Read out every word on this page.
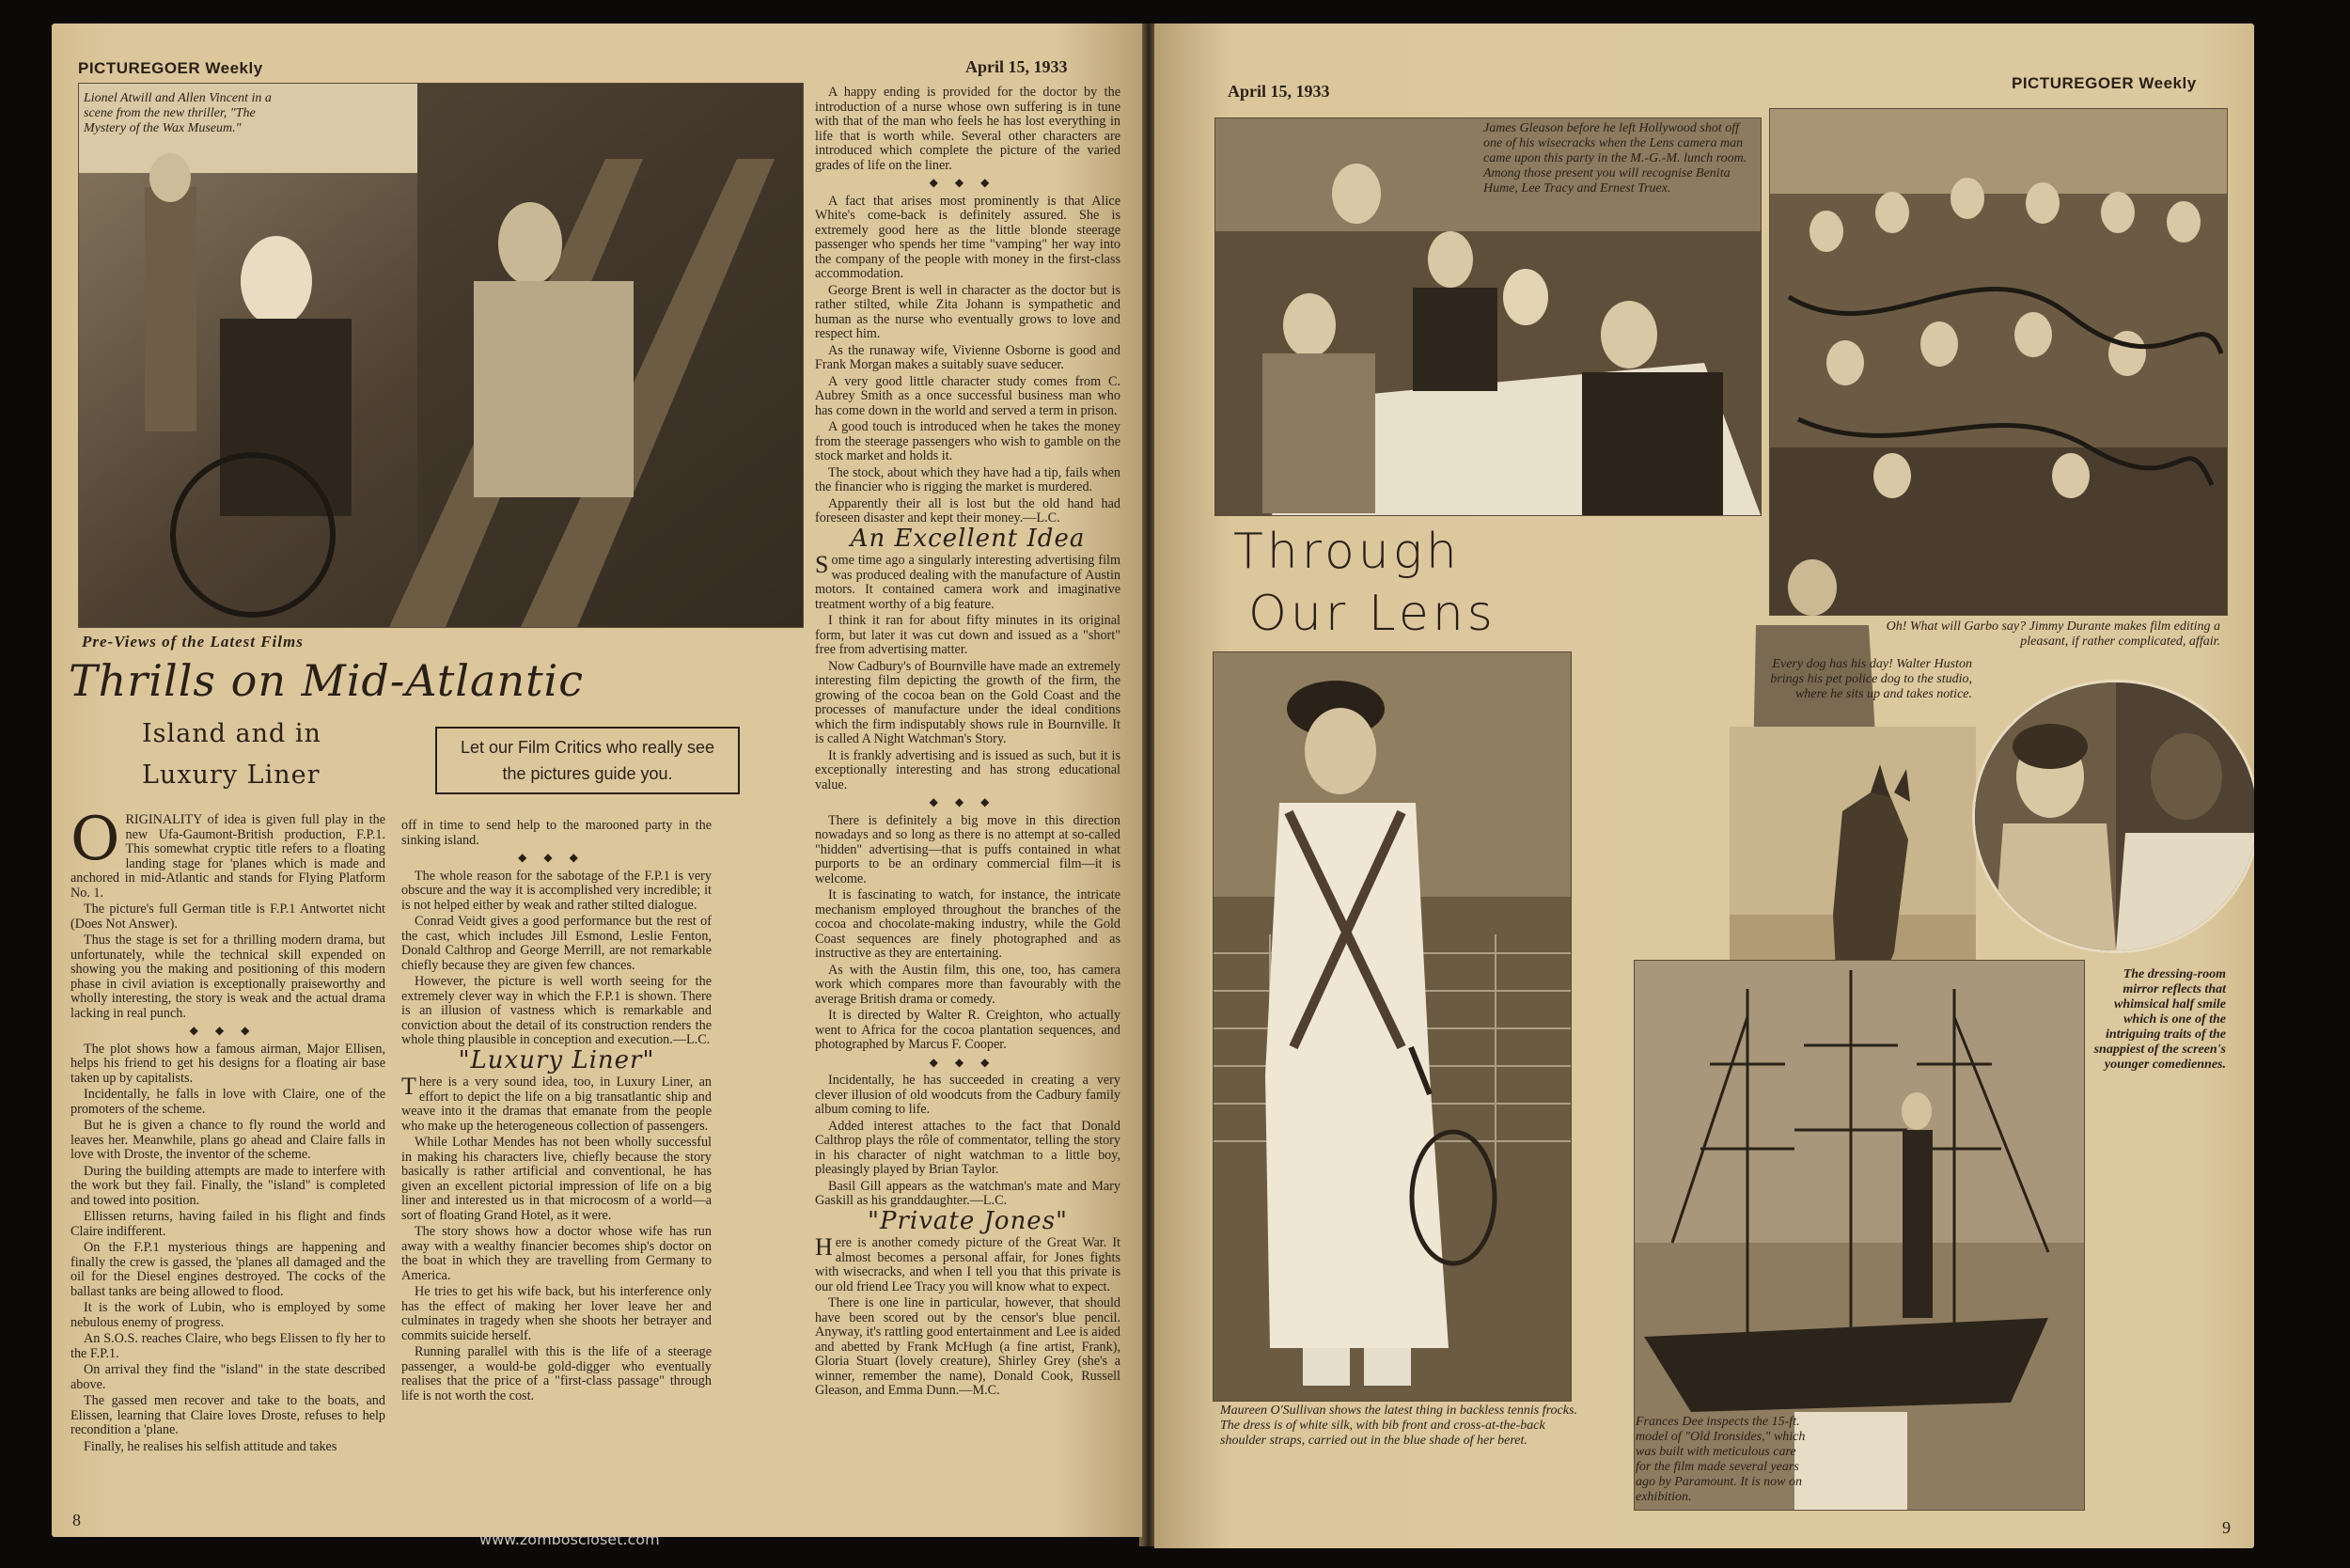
PICTUREGOER Weekly	April 15, 1933
Lionel Atwill and Allen Vincent in a scene from the new thriller, "The Mystery of the Wax Museum."
Pre-Views of the Latest Films
Thrills on Mid-Atlantic
Island and in
Luxury Liner
Let our Film Critics who really see the pictures guide you.
O RIGINALITY of idea is given full play in the new Ufa-Gaumont-British production, F.P.1. This somewhat cryptic title refers to a floating landing stage for 'planes which is made and anchored in mid-Atlantic and stands for Flying Platform No. 1.

The picture's full German title is F.P.1 Antwortet nicht (Does Not Answer).

Thus the stage is set for a thrilling modern drama, but unfortunately, while the technical skill expended on showing you the making and positioning of this modern phase in civil aviation is exceptionally praiseworthy and wholly interesting, the story is weak and the actual drama lacking in real punch.

◆◆◆

The plot shows how a famous airman, Major Ellisen, helps his friend to get his designs for a floating air base taken up by capitalists.

Incidentally, he falls in love with Claire, one of the promoters of the scheme.

But he is given a chance to fly round the world and leaves her. Meanwhile, plans go ahead and Claire falls in love with Droste, the inventor of the scheme.

During the building attempts are made to interfere with the work but they fail. Finally, the "island" is completed and towed into position.

Ellissen returns, having failed in his flight and finds Claire indifferent.

On the F.P.1 mysterious things are happening and finally the crew is gassed, the 'planes all damaged and the oil for the Diesel engines destroyed. The cocks of the ballast tanks are being allowed to flood.

It is the work of Lubin, who is employed by some nebulous enemy of progress.

An S.O.S. reaches Claire, who begs Elissen to fly her to the F.P.1.

On arrival they find the "island" in the state described above.

The gassed men recover and take to the boats, and Elissen, learning that Claire loves Droste, refuses to help recondition a 'plane.

Finally, he realises his selfish attitude and takes

8

off in time to send help to the marooned party in the sinking island.

◆◆◆

The whole reason for the sabotage of the F.P.1 is very obscure and the way it is accomplished very incredible; it is not helped either by weak and rather stilted dialogue.

Conrad Veidt gives a good performance but the rest of the cast, which includes Jill Esmond, Leslie Fenton, Donald Calthrop and George Merrill, are not remarkable chiefly because they are given few chances.

However, the picture is well worth seeing for the extremely clever way in which the F.P.1 is shown. There is an illusion of vastness which is remarkable and conviction about the detail of its construction renders the whole thing plausible in conception and execution.—L.C.

"Luxury Liner"
T here is a very sound idea, too, in Luxury Liner, an effort to depict the life on a big transatlantic ship and weave into it the dramas that emanate from the people who make up the heterogeneous collection of passengers.

While Lothar Mendes has not been wholly successful in making his characters live, chiefly because the story basically is rather artificial and conventional, he has given an excellent pictorial impression of life on a big liner and interested us in that microcosm of a world—a sort of floating Grand Hotel, as it were.

The story shows how a doctor whose wife has run away with a wealthy financier becomes ship's doctor on the boat in which they are travelling from Germany to America.

He tries to get his wife back, but his interference only has the effect of making her lover leave her and culminates in tragedy when she shoots her betrayer and commits suicide herself.

Running parallel with this is the life of a steerage passenger, a would-be gold-digger who eventually realises that the price of a "first-class passage" through life is not worth the cost.

A happy ending is provided for the doctor by the introduction of a nurse whose own suffering is in tune with that of the man who feels he has lost everything in life that is worth while. Several other characters are introduced which complete the picture of the varied grades of life on the liner.

◆◆◆

A fact that arises most prominently is that Alice White's come-back is definitely assured. She is extremely good here as the little blonde steerage passenger who spends her time "vamping" her way into the company of the people with money in the first-class accommodation.

George Brent is well in character as the doctor but is rather stilted, while Zita Johann is sympathetic and human as the nurse who eventually grows to love and respect him.

As the runaway wife, Vivienne Osborne is good and Frank Morgan makes a suitably suave seducer.

A very good little character study comes from C. Aubrey Smith as a once successful business man who has come down in the world and served a term in prison.

A good touch is introduced when he takes the money from the steerage passengers who wish to gamble on the stock market and holds it.

The stock, about which they have had a tip, fails when the financier who is rigging the market is murdered.

Apparently their all is lost but the old hand had foreseen disaster and kept their money.—L.C.

An Excellent Idea
S ome time ago a singularly interesting advertising film was produced dealing with the manufacture of Austin motors. It contained camera work and imaginative treatment worthy of a big feature.

I think it ran for about fifty minutes in its original form, but later it was cut down and issued as a "short" free from advertising matter.

Now Cadbury's of Bournville have made an extremely interesting film depicting the growth of the firm, the growing of the cocoa bean on the Gold Coast and the processes of manufacture under the ideal conditions which the firm indisputably shows rule in Bournville. It is called A Night Watchman's Story.

It is frankly advertising and is issued as such, but it is exceptionally interesting and has strong educational value.

◆◆◆

There is definitely a big move in this direction nowadays and so long as there is no attempt at so-called "hidden" advertising—that is puffs contained in what purports to be an ordinary commercial film—it is welcome.

It is fascinating to watch, for instance, the intricate mechanism employed throughout the branches of the cocoa and chocolate-making industry, while the Gold Coast sequences are finely photographed and as instructive as they are entertaining.

As with the Austin film, this one, too, has camera work which compares more than favourably with the average British drama or comedy.

It is directed by Walter R. Creighton, who actually went to Africa for the cocoa plantation sequences, and photographed by Marcus F. Cooper.

◆◆◆

Incidentally, he has succeeded in creating a very clever illusion of old woodcuts from the Cadbury family album coming to life.

Added interest attaches to the fact that Donald Calthrop plays the rôle of commentator, telling the story in his character of night watchman to a little boy, pleasingly played by Brian Taylor.

Basil Gill appears as the watchman's mate and Mary Gaskill as his granddaughter.—L.C.

"Private Jones"
H ere is another comedy picture of the Great War. It almost becomes a personal affair, for Jones fights with wisecracks, and when I tell you that this private is our old friend Lee Tracy you will know what to expect.

There is one line in particular, however, that should have been scored out by the censor's blue pencil. Anyway, it's rattling good entertainment and Lee is aided and abetted by Frank McHugh (a fine artist, Frank), Gloria Stuart (lovely creature), Shirley Grey (she's a winner, remember the name), Donald Cook, Russell Gleason, and Emma Dunn.—M.C.

April 15, 1933	PICTUREGOER Weekly
James Gleason before he left Hollywood shot off one of his wisecracks when the Lens camera man came upon this party in the M.-G.-M. lunch room. Among those present you will recognise Benita Hume, Lee Tracy and Ernest Truex.
Oh! What will Garbo say? Jimmy Durante makes film editing a pleasant, if rather complicated, affair.
Through
Our Lens
Every dog has his day! Walter Huston brings his pet police dog to the studio, where he sits up and takes notice.
Maureen O'Sullivan shows the latest thing in backless tennis frocks. The dress is of white silk, with bib front and cross-at-the-back shoulder straps, carried out in the blue shade of her beret.
The dressing-room mirror reflects that whimsical half smile which is one of the intriguing traits of the snappiest of the screen's younger comediennes.
Frances Dee inspects the 15-ft. model of "Old Ironsides," which was built with meticulous care for the film made several years ago by Paramount. It is now on exhibition.
9
www.zomboscloset.com
